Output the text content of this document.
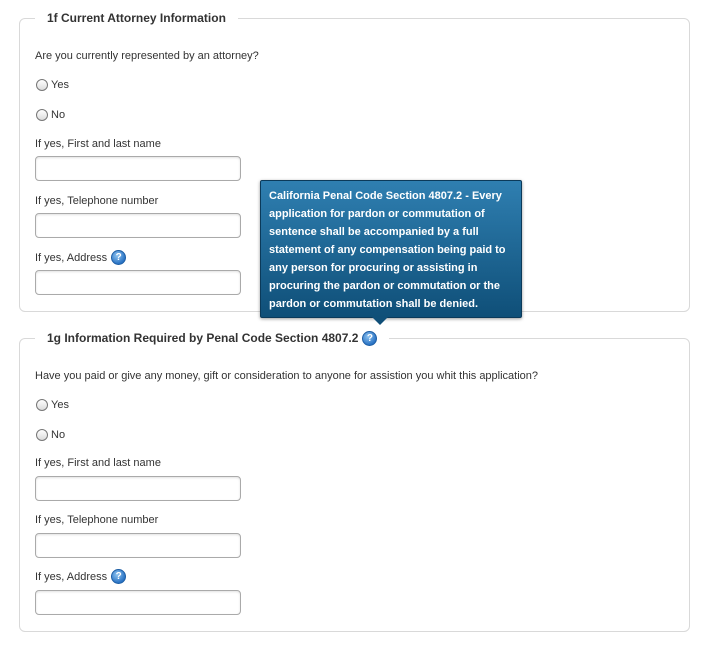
1f Current Attorney Information
Are you currently represented by an attorney?
Yes
No
If yes, First and last name
If yes, Telephone number
If yes, Address ?
1g Information Required by Penal Code Section 4807.2 ?
Have you paid or give any money, gift or consideration to anyone for assistion you whit this application?
Yes
No
If yes, First and last name
If yes, Telephone number
If yes, Address ?
California Penal Code Section 4807.2 - Every application for pardon or commutation of sentence shall be accompanied by a full statement of any compensation being paid to any person for procuring or assisting in procuring the pardon or commutation or the pardon or commutation shall be denied.
